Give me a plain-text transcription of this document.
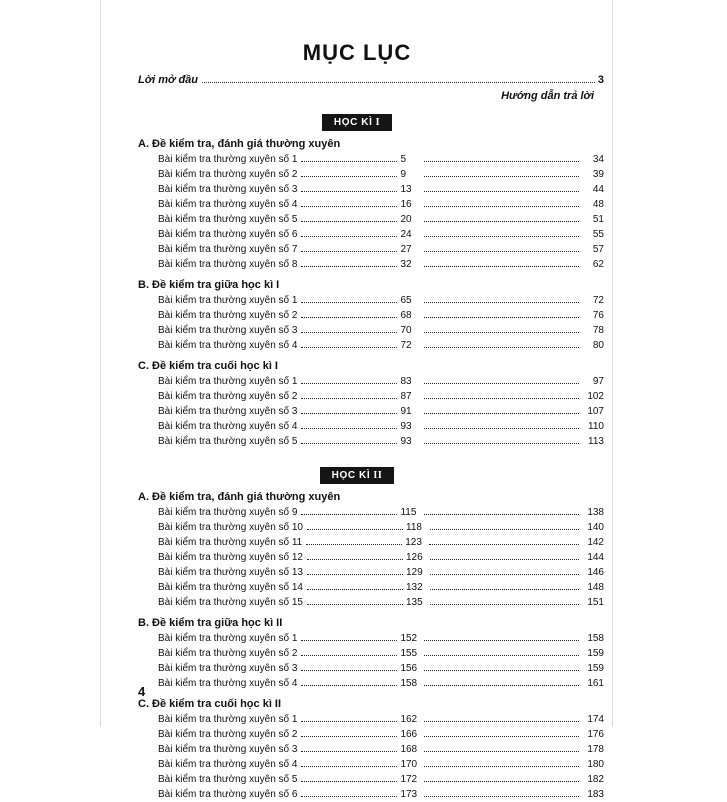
MỤC LỤC
Lời mở đầu	3
Hướng dẫn trả lời
HỌC KÌ I
A. Đề kiểm tra, đánh giá thường xuyên
Bài kiểm tra thường xuyên số 1	5	34
Bài kiểm tra thường xuyên số 2	9	39
Bài kiểm tra thường xuyên số 3	13	44
Bài kiểm tra thường xuyên số 4	16	48
Bài kiểm tra thường xuyên số 5	20	51
Bài kiểm tra thường xuyên số 6	24	55
Bài kiểm tra thường xuyên số 7	27	57
Bài kiểm tra thường xuyên số 8	32	62
B. Đề kiểm tra giữa học kì I
Bài kiểm tra thường xuyên số 1	65	72
Bài kiểm tra thường xuyên số 2	68	76
Bài kiểm tra thường xuyên số 3	70	78
Bài kiểm tra thường xuyên số 4	72	80
C. Đề kiểm tra cuối học kì I
Bài kiểm tra thường xuyên số 1	83	97
Bài kiểm tra thường xuyên số 2	87	102
Bài kiểm tra thường xuyên số 3	91	107
Bài kiểm tra thường xuyên số 4	93	110
Bài kiểm tra thường xuyên số 5	93	113
HỌC KÌ II
A. Đề kiểm tra, đánh giá thường xuyên
Bài kiểm tra thường xuyên số 9	115	138
Bài kiểm tra thường xuyên số 10	118	140
Bài kiểm tra thường xuyên số 11	123	142
Bài kiểm tra thường xuyên số 12	126	144
Bài kiểm tra thường xuyên số 13	129	146
Bài kiểm tra thường xuyên số 14	132	148
Bài kiểm tra thường xuyên số 15	135	151
B. Đề kiểm tra giữa học kì II
Bài kiểm tra thường xuyên số 1	152	158
Bài kiểm tra thường xuyên số 2	155	159
Bài kiểm tra thường xuyên số 3	156	159
Bài kiểm tra thường xuyên số 4	158	161
C. Đề kiểm tra cuối học kì II
Bài kiểm tra thường xuyên số 1	162	174
Bài kiểm tra thường xuyên số 2	166	176
Bài kiểm tra thường xuyên số 3	168	178
Bài kiểm tra thường xuyên số 4	170	180
Bài kiểm tra thường xuyên số 5	172	182
Bài kiểm tra thường xuyên số 6	173	183
4
